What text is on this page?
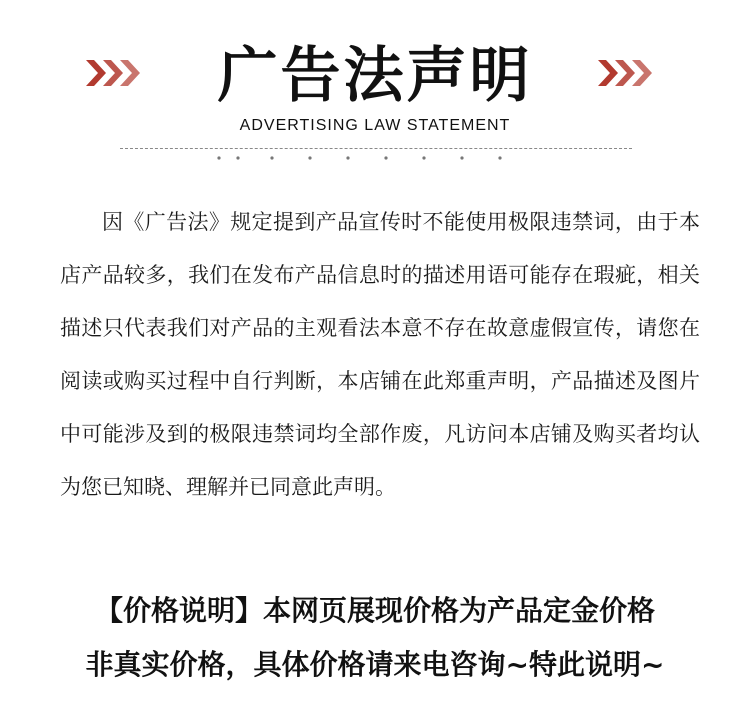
广告法声明
ADVERTISING LAW STATEMENT

因《广告法》规定提到产品宣传时不能使用极限违禁词，由于本店产品较多，我们在发布产品信息时的描述用语可能存在瑕疵，相关描述只代表我们对产品的主观看法本意不存在故意虚假宣传，请您在阅读或购买过程中自行判断，本店铺在此郑重声明，产品描述及图片中可能涉及到的极限违禁词均全部作废，凡访问本店铺及购买者均认为您已知晓、理解并已同意此声明。

【价格说明】本网页展现价格为产品定金价格
非真实价格，具体价格请来电咨询~特此说明~
